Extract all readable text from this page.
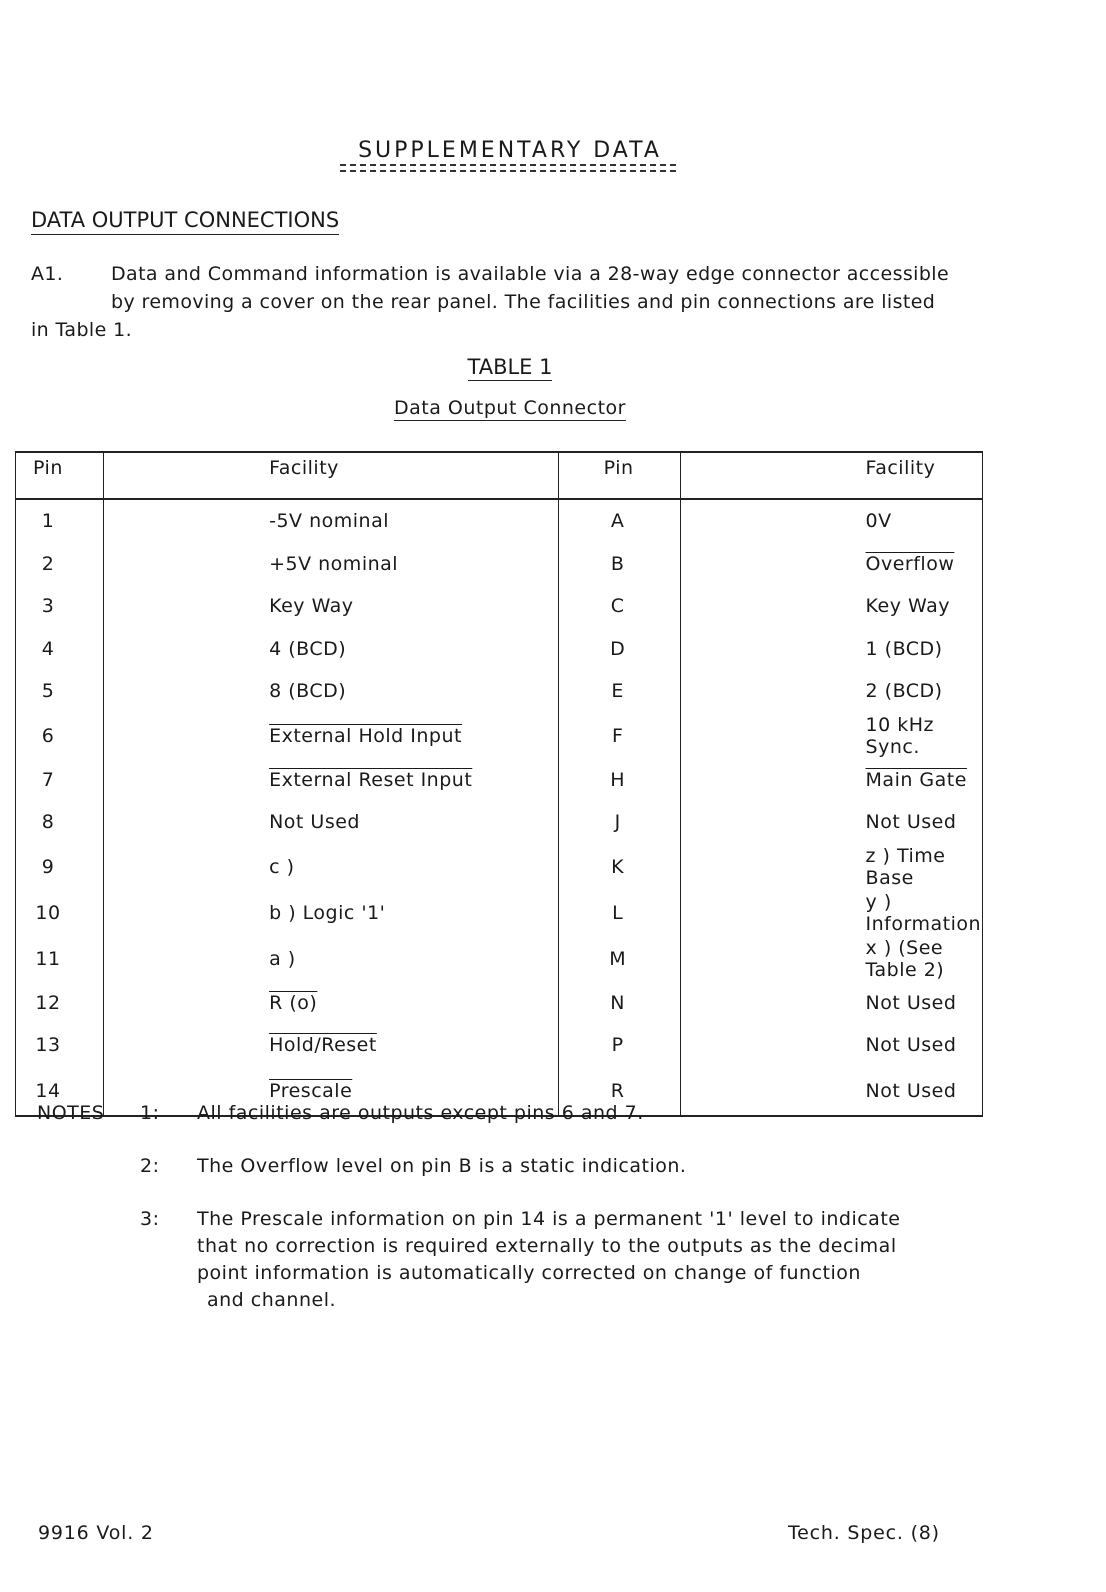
SUPPLEMENTARY DATA
DATA OUTPUT CONNECTIONS
A1.	Data and Command information is available via a 28-way edge connector accessible
by removing a cover on the rear panel. The facilities and pin connections are listed
in Table 1.
TABLE 1
Data Output Connector
Pin	Facility	Pin	Facility
1	-5V nominal	A	0V
2	+5V nominal	B	Overflow
3	Key Way	C	Key Way
4	4 (BCD)	D	1 (BCD)
5	8 (BCD)	E	2 (BCD)
6	External Hold Input	F	10 kHz Sync.
7	External Reset Input	H	Main Gate
8	Not Used	J	Not Used
9	c )	K	z ) Time Base
10	b ) Logic '1'	L	y ) Information
11	a )	M	x ) (See Table 2)
12	R (o)	N	Not Used
13	Hold/Reset	P	Not Used
14	Prescale	R	Not Used
NOTES 1: All facilities are outputs except pins 6 and 7.
2: The Overflow level on pin B is a static indication.
3: The Prescale information on pin 14 is a permanent '1' level to indicate
that no correction is required externally to the outputs as the decimal
point information is automatically corrected on change of function
and channel.
9916 Vol. 2	Tech. Spec. (8)
